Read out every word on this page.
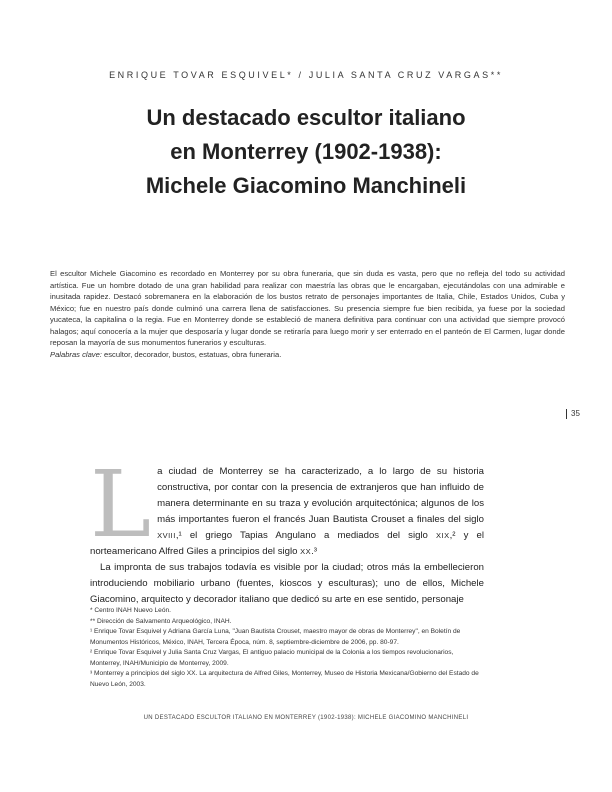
ENRIQUE TOVAR ESQUIVEL* / JULIA SANTA CRUZ VARGAS**
Un destacado escultor italiano
en Monterrey (1902-1938):
Michele Giacomino Manchineli

El escultor Michele Giacomino es recordado en Monterrey por su obra funeraria, que sin duda es vasta, pero que no refleja del todo su actividad artística. Fue un hombre dotado de una gran habilidad para realizar con maestría las obras que le encargaban, ejecutándolas con una admirable e inusitada rapidez. Destacó sobremanera en la elaboración de los bustos retrato de personajes importantes de Italia, Chile, Estados Unidos, Cuba y México; fue en nuestro país donde culminó una carrera llena de satisfacciones. Su presencia siempre fue bien recibida, ya fuese por la sociedad yucateca, la capitalina o la regia. Fue en Monterrey donde se estableció de manera definitiva para continuar con una actividad que siempre provocó halagos; aquí conocería a la mujer que desposaría y lugar donde se retiraría para luego morir y ser enterrado en el panteón de El Carmen, lugar donde reposan la mayoría de sus monumentos funerarios y esculturas.

Palabras clave: escultor, decorador, bustos, estatuas, obra funeraria.

35

La ciudad de Monterrey se ha caracterizado, a lo largo de su historia constructiva, por contar con la presencia de extranjeros que han influido de manera determinante en su traza y evolución arquitectónica; algunos de los más importantes fueron el francés Juan Bautista Crouset a finales del siglo XVIII,¹ el griego Tapias Angulano a mediados del siglo XIX,² y el norteamericano Alfred Giles a principios del siglo XX.³

La impronta de sus trabajos todavía es visible por la ciudad; otros más la embellecieron introduciendo mobiliario urbano (fuentes, kioscos y esculturas); uno de ellos, Michele Giacomino, arquitecto y decorador italiano que dedicó su arte en ese sentido, personaje

* Centro INAH Nuevo León.
** Dirección de Salvamento Arqueológico, INAH.
¹ Enrique Tovar Esquivel y Adriana García Luna, "Juan Bautista Crouset, maestro mayor de obras de Monterrey", en Boletín de Monumentos Históricos, México, INAH, Tercera Época, núm. 8, septiembre-diciembre de 2006, pp. 80-97.
² Enrique Tovar Esquivel y Julia Santa Cruz Vargas, El antiguo palacio municipal de la Colonia a los tiempos revolucionarios, Monterrey, INAH/Municipio de Monterrey, 2009.
³ Monterrey a principios del siglo XX. La arquitectura de Alfred Giles, Monterrey, Museo de Historia Mexicana/Gobierno del Estado de Nuevo León, 2003.
UN DESTACADO ESCULTOR ITALIANO EN MONTERREY (1902-1938): MICHELE GIACOMINO MANCHINELI
